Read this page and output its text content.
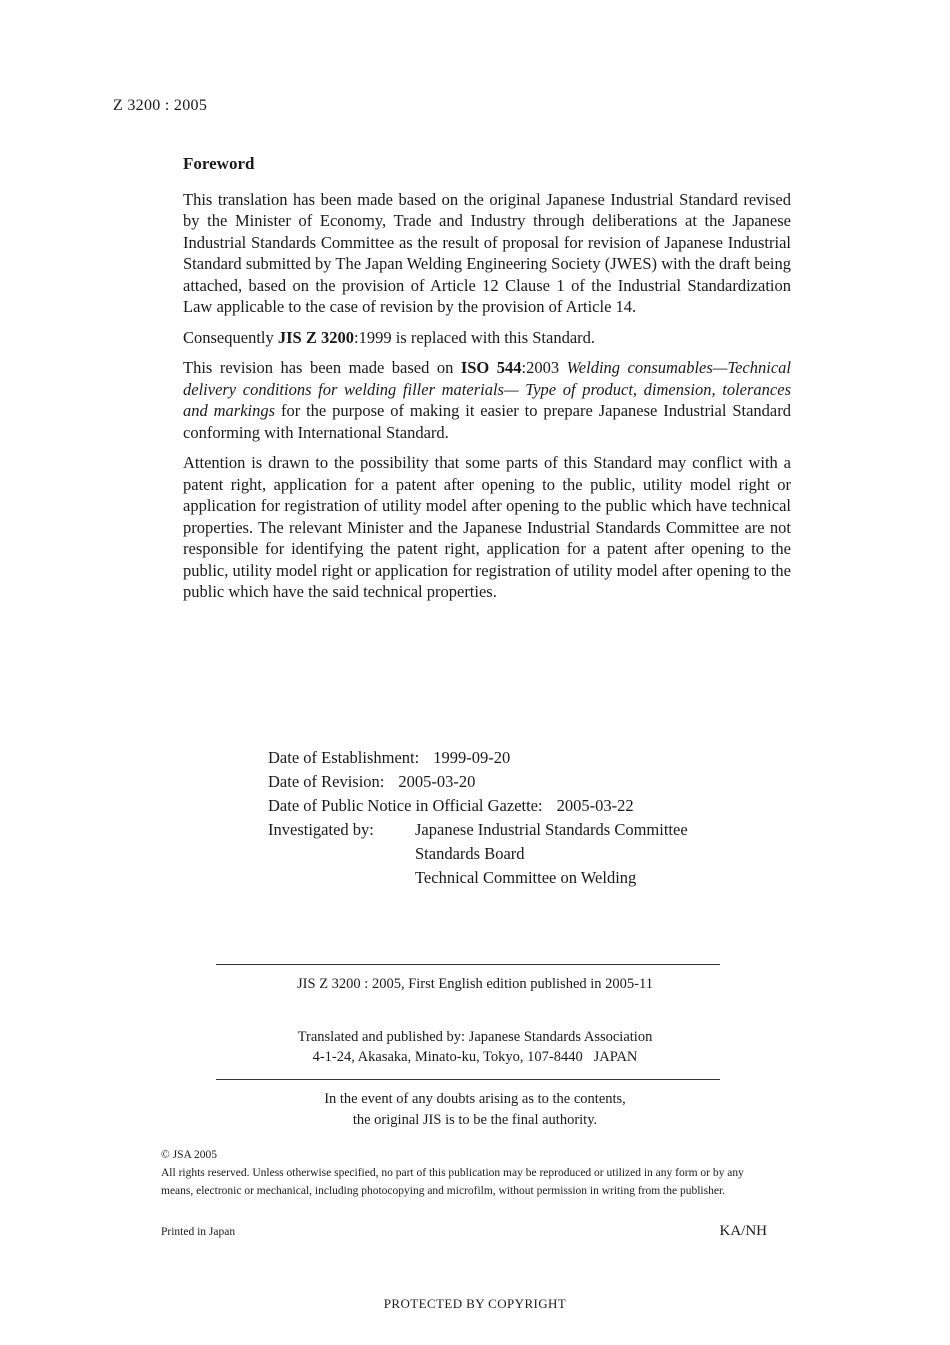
Z 3200 : 2005
Foreword

This translation has been made based on the original Japanese Industrial Standard revised by the Minister of Economy, Trade and Industry through deliberations at the Japanese Industrial Standards Committee as the result of proposal for revision of Japanese Industrial Standard submitted by The Japan Welding Engineering Society (JWES) with the draft being attached, based on the provision of Article 12 Clause 1 of the Industrial Standardization Law applicable to the case of revision by the provision of Article 14.

Consequently JIS Z 3200:1999 is replaced with this Standard.

This revision has been made based on ISO 544:2003 Welding consumables—Technical delivery conditions for welding filler materials— Type of product, dimension, tolerances and markings for the purpose of making it easier to prepare Japanese Industrial Standard conforming with International Standard.

Attention is drawn to the possibility that some parts of this Standard may conflict with a patent right, application for a patent after opening to the public, utility model right or application for registration of utility model after opening to the public which have technical properties. The relevant Minister and the Japanese Industrial Standards Committee are not responsible for identifying the patent right, application for a patent after opening to the public, utility model right or application for registration of utility model after opening to the public which have the said technical properties.

Date of Establishment: 1999-09-20
Date of Revision: 2005-03-20
Date of Public Notice in Official Gazette: 2005-03-22
Investigated by:	Japanese Industrial Standards Committee
Standards Board
Technical Committee on Welding
JIS Z 3200 : 2005, First English edition published in 2005-11
Translated and published by: Japanese Standards Association
4-1-24, Akasaka, Minato-ku, Tokyo, 107-8440   JAPAN
In the event of any doubts arising as to the contents,
the original JIS is to be the final authority.
© JSA 2005
All rights reserved. Unless otherwise specified, no part of this publication may be reproduced or utilized in any form or by any means, electronic or mechanical, including photocopying and microfilm, without permission in writing from the publisher.
Printed in Japan	KA/NH
PROTECTED BY COPYRIGHT
